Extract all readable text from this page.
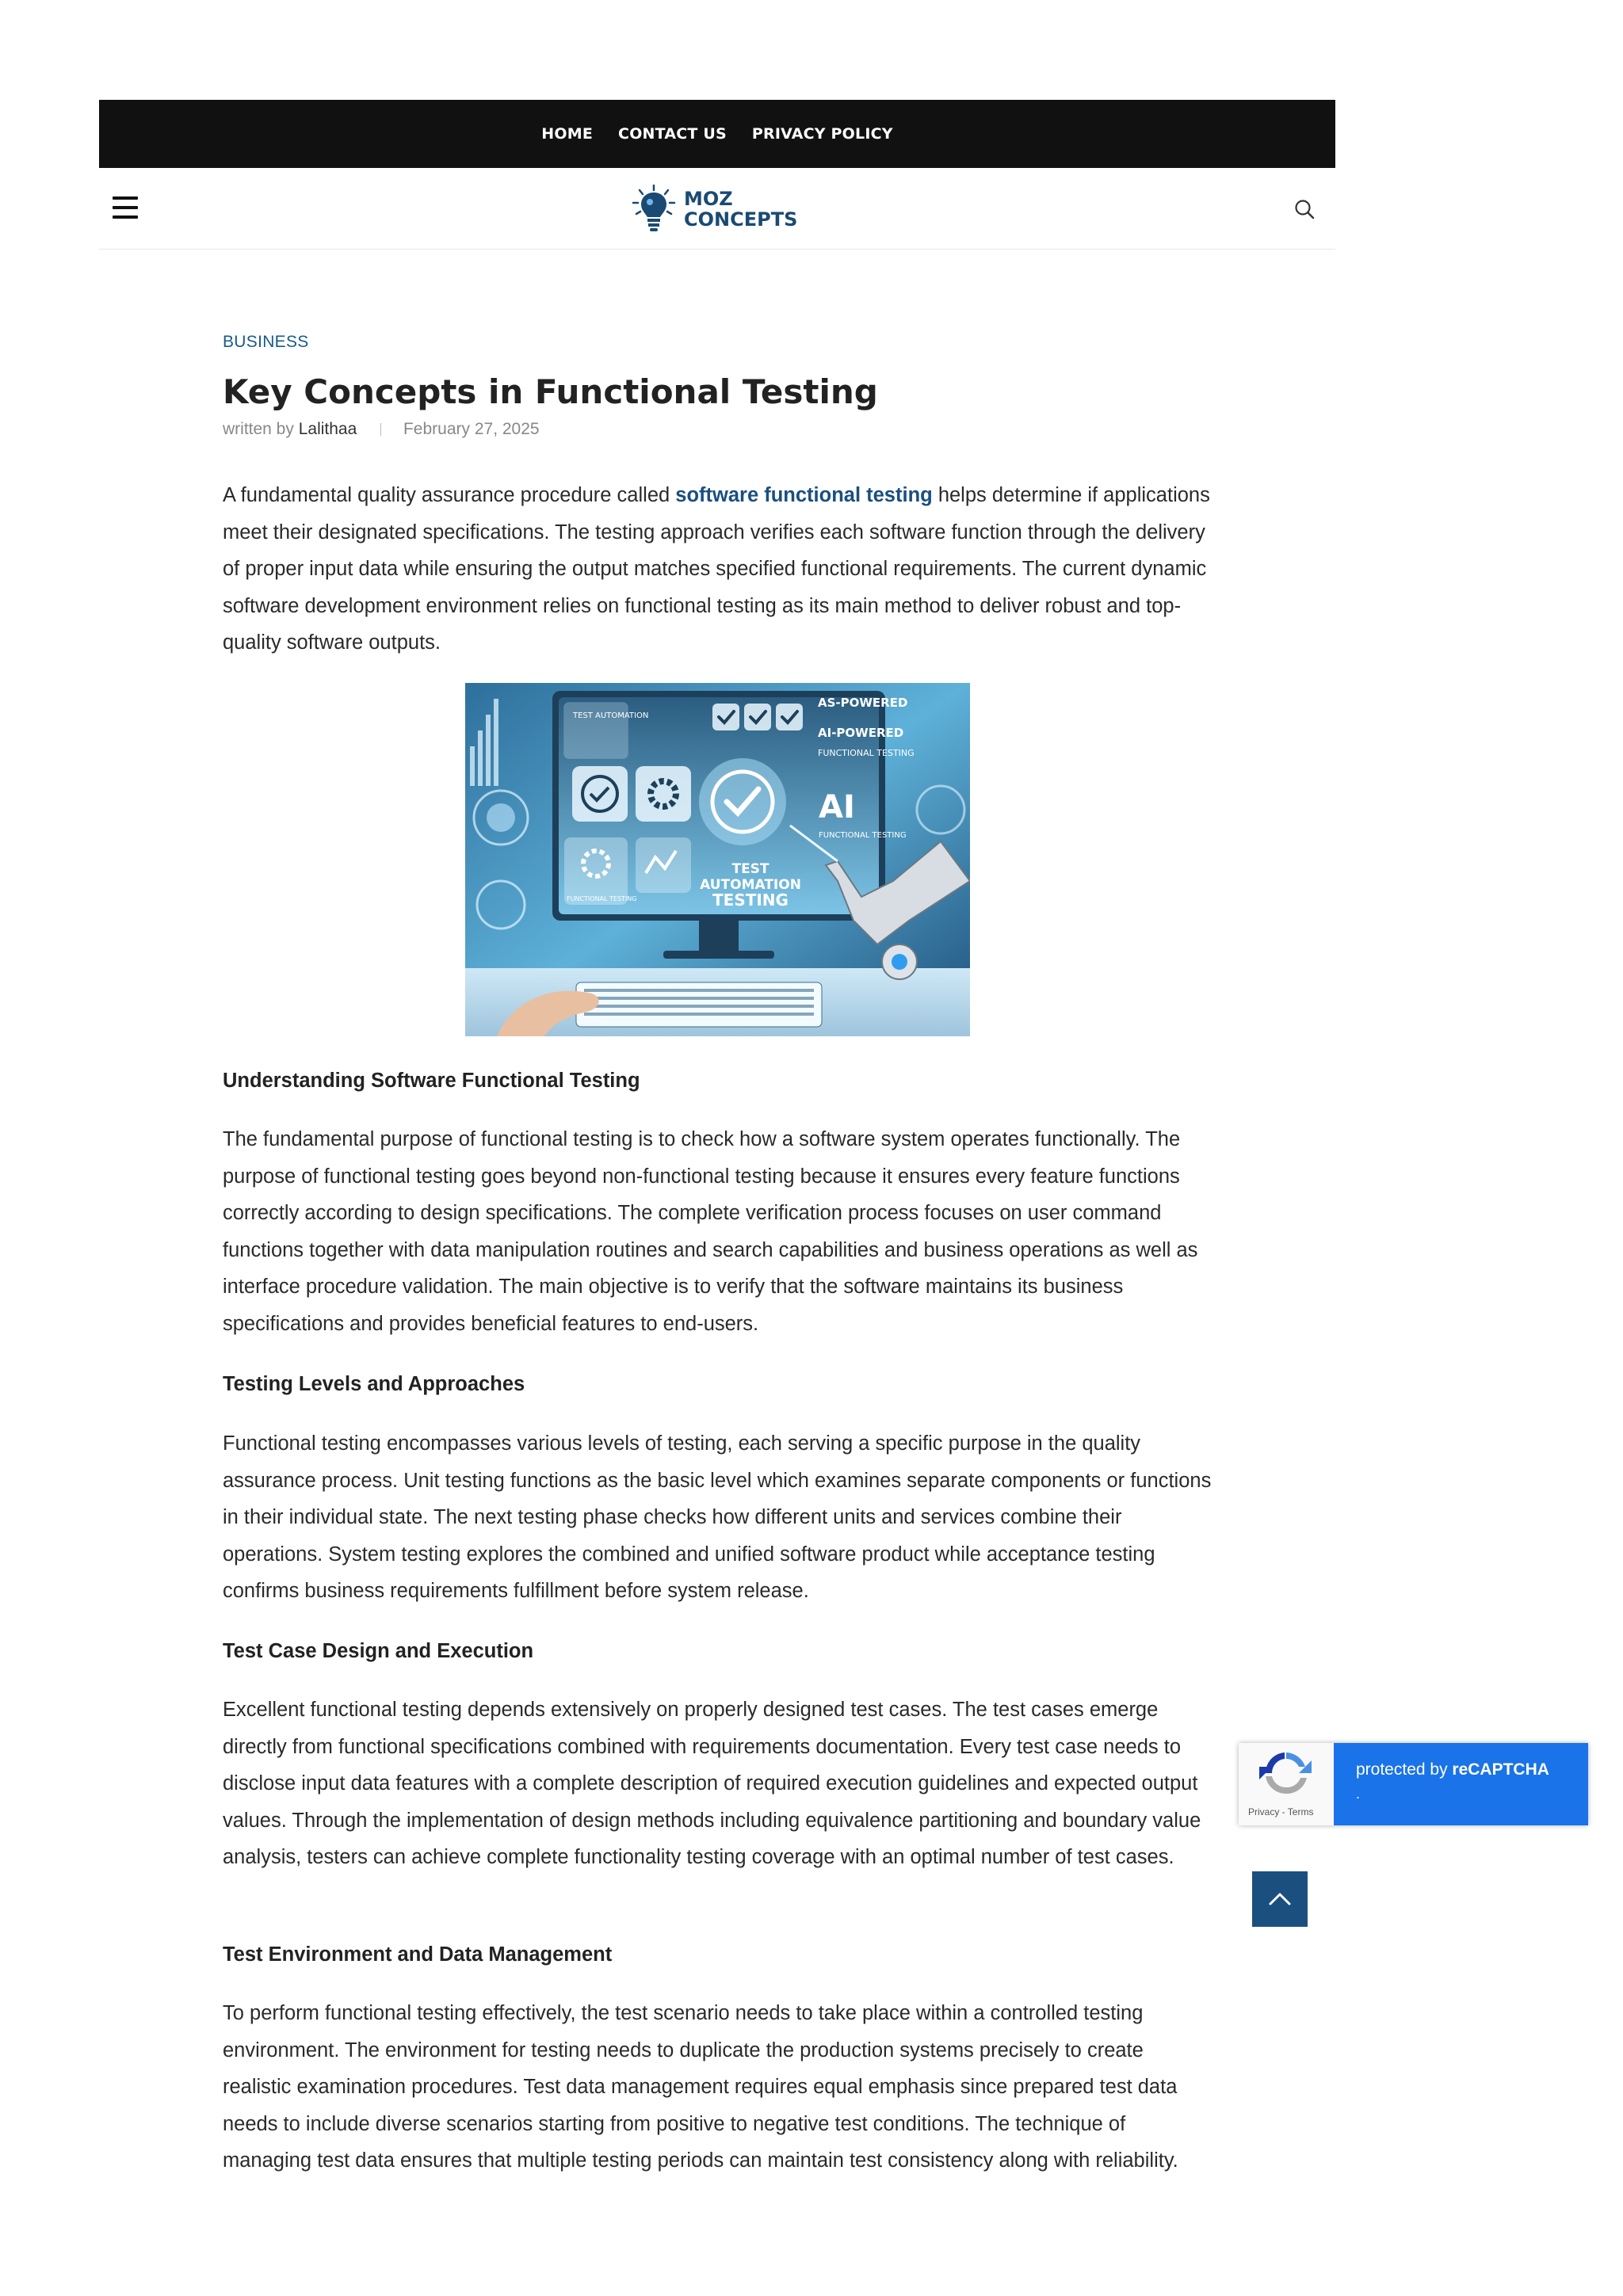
HOME CONTACT US PRIVACY POLICY
MOZ
CONCEPTS
BUSINESS
Key Concepts in Functional Testing
written by Lalithaa	February 27, 2025

A fundamental quality assurance procedure called software functional testing helps determine if applications meet their designated specifications. The testing approach verifies each software function through the delivery of proper input data while ensuring the output matches specified functional requirements. The current dynamic software development environment relies on functional testing as its main method to deliver robust and top-quality software outputs.

TEST AUTOMATION
AS-POWERED
AI-POWERED
FUNCTIONAL TESTING
AI
FUNCTIONAL TESTING
FUNCTIONAL TESTING
TEST
AUTOMATION
TESTING
Understanding Software Functional Testing

The fundamental purpose of functional testing is to check how a software system operates functionally. The purpose of functional testing goes beyond non-functional testing because it ensures every feature functions correctly according to design specifications. The complete verification process focuses on user command functions together with data manipulation routines and search capabilities and business operations as well as interface procedure validation. The main objective is to verify that the software maintains its business specifications and provides beneficial features to end-users.

Testing Levels and Approaches

Functional testing encompasses various levels of testing, each serving a specific purpose in the quality assurance process. Unit testing functions as the basic level which examines separate components or functions in their individual state. The next testing phase checks how different units and services combine their operations. System testing explores the combined and unified software product while acceptance testing confirms business requirements fulfillment before system release.

Test Case Design and Execution

Excellent functional testing depends extensively on properly designed test cases. The test cases emerge directly from functional specifications combined with requirements documentation. Every test case needs to disclose input data features with a complete description of required execution guidelines and expected output values. Through the implementation of design methods including equivalence partitioning and boundary value analysis, testers can achieve complete functionality testing coverage with an optimal number of test cases.

Test Environment and Data Management

To perform functional testing effectively, the test scenario needs to take place within a controlled testing environment. The environment for testing needs to duplicate the production systems precisely to create realistic examination procedures. Test data management requires equal emphasis since prepared test data needs to include diverse scenarios starting from positive to negative test conditions. The technique of managing test data ensures that multiple testing periods can maintain test consistency along with reliability.

Privacy - Terms
protected by reCAPTCHA
.
